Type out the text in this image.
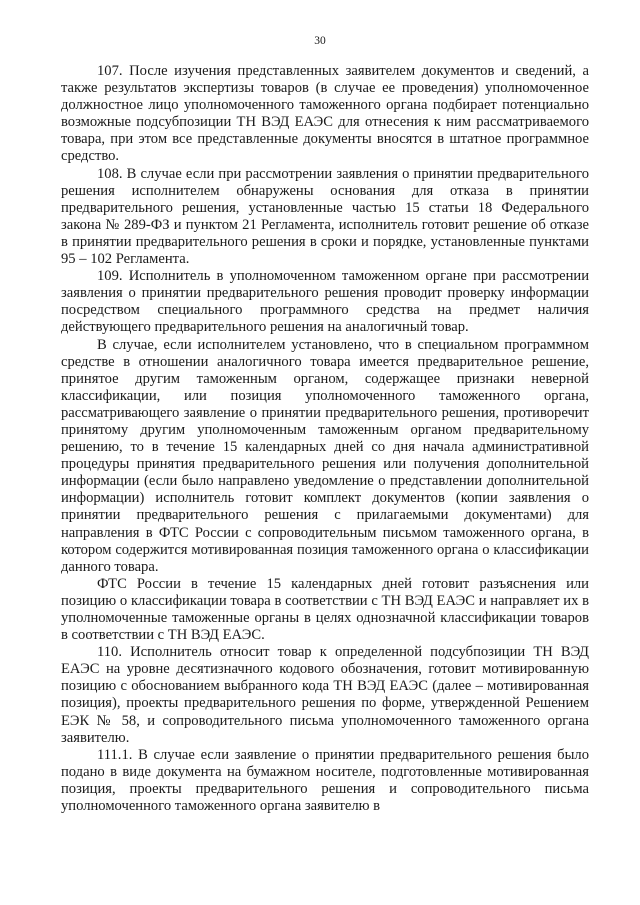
30

107. После изучения представленных заявителем документов и сведений, а также результатов экспертизы товаров (в случае ее проведения) уполномоченное должностное лицо уполномоченного таможенного органа подбирает потенциально возможные подсубпозиции ТН ВЭД ЕАЭС для отнесения к ним рассматриваемого товара, при этом все представленные документы вносятся в штатное программное средство.

108. В случае если при рассмотрении заявления о принятии предварительного решения исполнителем обнаружены основания для отказа в принятии предварительного решения, установленные частью 15 статьи 18 Федерального закона № 289-ФЗ и пунктом 21 Регламента, исполнитель готовит решение об отказе в принятии предварительного решения в сроки и порядке, установленные пунктами 95 – 102 Регламента.

109. Исполнитель в уполномоченном таможенном органе при рассмотрении заявления о принятии предварительного решения проводит проверку информации посредством специального программного средства на предмет наличия действующего предварительного решения на аналогичный товар.

В случае, если исполнителем установлено, что в специальном программном средстве в отношении аналогичного товара имеется предварительное решение, принятое другим таможенным органом, содержащее признаки неверной классификации, или позиция уполномоченного таможенного органа, рассматривающего заявление о принятии предварительного решения, противоречит принятому другим уполномоченным таможенным органом предварительному решению, то в течение 15 календарных дней со дня начала административной процедуры принятия предварительного решения или получения дополнительной информации (если было направлено уведомление о представлении дополнительной информации) исполнитель готовит комплект документов (копии заявления о принятии предварительного решения с прилагаемыми документами) для направления в ФТС России с сопроводительным письмом таможенного органа, в котором содержится мотивированная позиция таможенного органа о классификации данного товара.

ФТС России в течение 15 календарных дней готовит разъяснения или позицию о классификации товара в соответствии с ТН ВЭД ЕАЭС и направляет их в уполномоченные таможенные органы в целях однозначной классификации товаров в соответствии с ТН ВЭД ЕАЭС.

110. Исполнитель относит товар к определенной подсубпозиции ТН ВЭД ЕАЭС на уровне десятизначного кодового обозначения, готовит мотивированную позицию с обоснованием выбранного кода ТН ВЭД ЕАЭС (далее – мотивированная позиция), проекты предварительного решения по форме, утвержденной Решением ЕЭК № 58, и сопроводительного письма уполномоченного таможенного органа заявителю.

111.1. В случае если заявление о принятии предварительного решения было подано в виде документа на бумажном носителе, подготовленные мотивированная позиция, проекты предварительного решения и сопроводительного письма уполномоченного таможенного органа заявителю в
